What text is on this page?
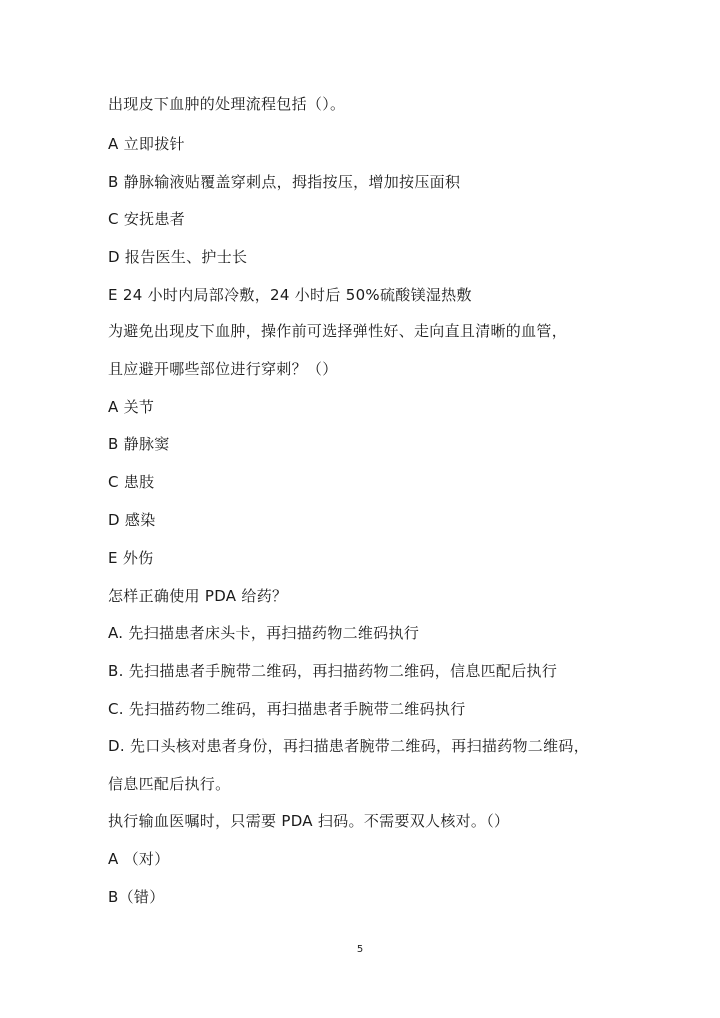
出现皮下血肿的处理流程包括（）。
A 立即拔针
B 静脉输液贴覆盖穿刺点，拇指按压，增加按压面积
C 安抚患者
D 报告医生、护士长
E 24 小时内局部冷敷，24 小时后 50%硫酸镁湿热敷
为避免出现皮下血肿，操作前可选择弹性好、走向直且清晰的血管，
且应避开哪些部位进行穿刺？（）
A 关节
B 静脉窦
C 患肢
D 感染
E 外伤
怎样正确使用 PDA 给药？
A. 先扫描患者床头卡，再扫描药物二维码执行
B. 先扫描患者手腕带二维码，再扫描药物二维码，信息匹配后执行
C. 先扫描药物二维码，再扫描患者手腕带二维码执行
D. 先口头核对患者身份，再扫描患者腕带二维码，再扫描药物二维码，
信息匹配后执行。
执行输血医嘱时，只需要 PDA 扫码。不需要双人核对。（）
A （对）
B（错）
5
